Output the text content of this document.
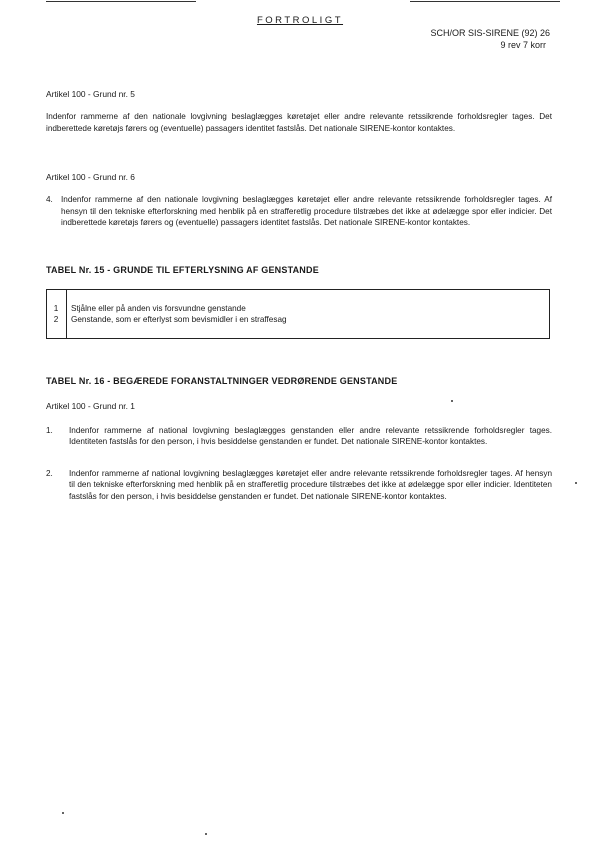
FORTROLIGT
SCH/OR SIS-SIRENE (92) 26
9 rev 7 korr
Artikel 100 - Grund nr. 5
Indenfor rammerne af den nationale lovgivning beslaglægges køretøjet eller andre relevante retssikrende forholdsregler tages. Det indberettede køretøjs førers og (eventuelle) passagers identitet fastslås. Det nationale SIRENE-kontor kontaktes.
Artikel 100 - Grund nr. 6
4. Indenfor rammerne af den nationale lovgivning beslaglægges køretøjet eller andre relevante retssikrende forholdsregler tages. Af hensyn til den tekniske efterforskning med henblik på en strafferetlig procedure tilstræbes det ikke at ødelægge spor eller indicier. Det indberettede køretøjs førers og (eventuelle) passagers identitet fastslås. Det nationale SIRENE-kontor kontaktes.
TABEL Nr. 15 - GRUNDE TIL EFTERLYSNING AF GENSTANDE
1	Stjålne eller på anden vis forsvundne genstande
2	Genstande, som er efterlyst som bevismidler i en straffesag
TABEL Nr. 16 - BEGÆREDE FORANSTALTNINGER VEDRØRENDE GENSTANDE
Artikel 100 - Grund nr. 1
1.	Indenfor rammerne af national lovgivning beslaglægges genstanden eller andre relevante retssikrende forholdsregler tages. Identiteten fastslås for den person, i hvis besiddelse genstanden er fundet. Det nationale SIRENE-kontor kontaktes.
2.	Indenfor rammerne af national lovgivning beslaglægges køretøjet eller andre relevante retssikrende forholdsregler tages. Af hensyn til den tekniske efterforskning med henblik på en strafferetlig procedure tilstræbes det ikke at ødelægge spor eller indicier. Identiteten fastslås for den person, i hvis besiddelse genstanden er fundet. Det nationale SIRENE-kontor kontaktes.
